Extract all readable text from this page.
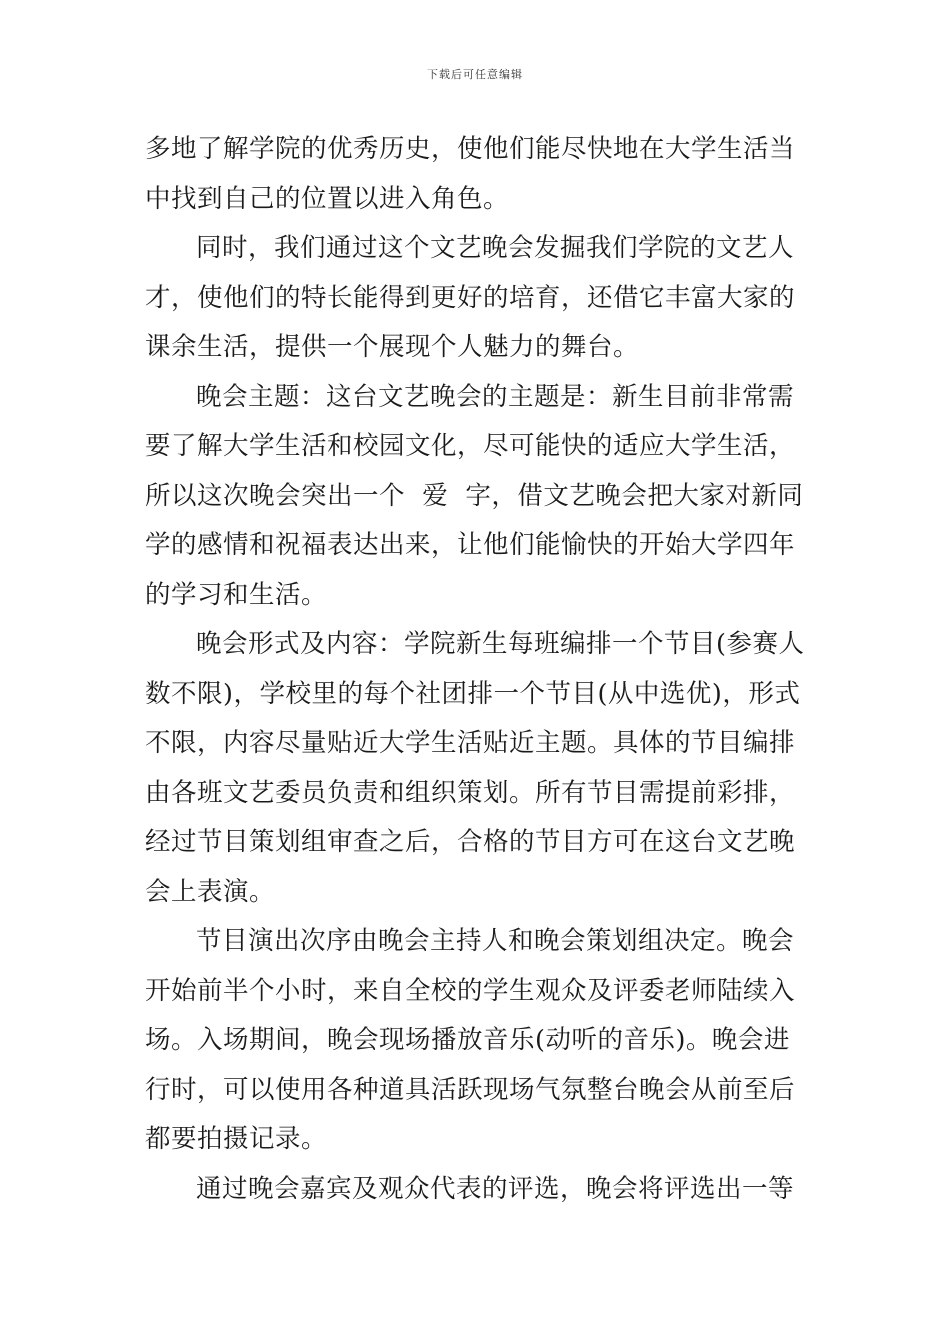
下载后可任意编辑
多地了解学院的优秀历史，使他们能尽快地在大学生活当
中找到自己的位置以进入角色。
同时，我们通过这个文艺晚会发掘我们学院的文艺人
才，使他们的特长能得到更好的培育，还借它丰富大家的
课余生活，提供一个展现个人魅力的舞台。
晚会主题：这台文艺晚会的主题是：新生目前非常需
要了解大学生活和校园文化，尽可能快的适应大学生活，
所以这次晚会突出一个  爱  字，借文艺晚会把大家对新同
学的感情和祝福表达出来，让他们能愉快的开始大学四年
的学习和生活。
晚会形式及内容：学院新生每班编排一个节目(参赛人
数不限)，学校里的每个社团排一个节目(从中选优)，形式
不限，内容尽量贴近大学生活贴近主题。具体的节目编排
由各班文艺委员负责和组织策划。所有节目需提前彩排，
经过节目策划组审查之后，合格的节目方可在这台文艺晚
会上表演。
节目演出次序由晚会主持人和晚会策划组决定。晚会
开始前半个小时，来自全校的学生观众及评委老师陆续入
场。入场期间，晚会现场播放音乐(动听的音乐)。晚会进
行时，可以使用各种道具活跃现场气氛整台晚会从前至后
都要拍摄记录。
通过晚会嘉宾及观众代表的评选，晚会将评选出一等
